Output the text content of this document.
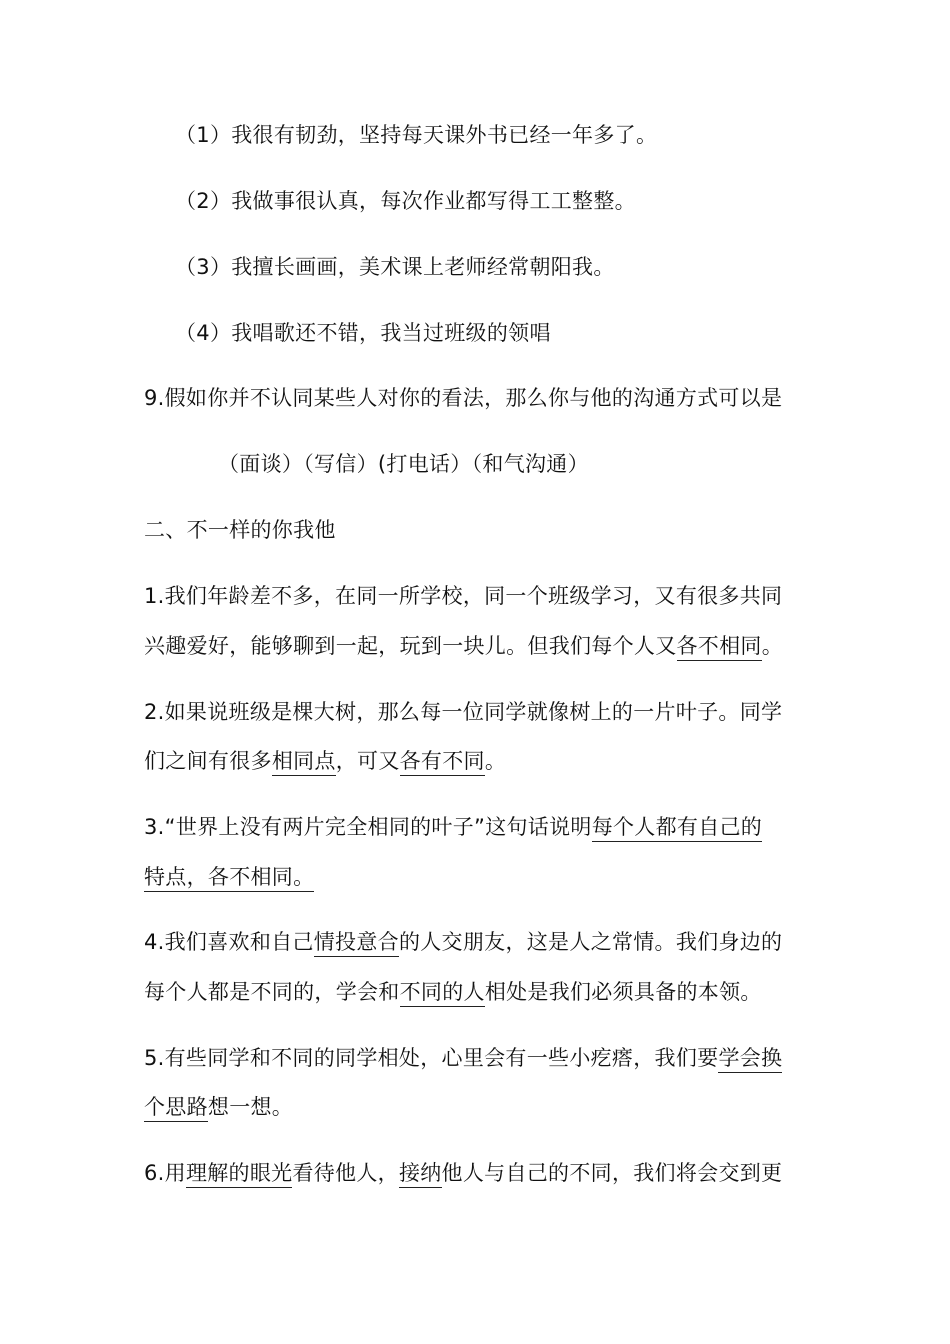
（1）我很有韧劲，坚持每天课外书已经一年多了。
（2）我做事很认真，每次作业都写得工工整整。
（3）我擅长画画，美术课上老师经常朝阳我。
（4）我唱歌还不错，我当过班级的领唱
9.假如你并不认同某些人对你的看法，那么你与他的沟通方式可以是
（面谈）（写信）(打电话）（和气沟通）
二、不一样的你我他
1.我们年龄差不多，在同一所学校，同一个班级学习，又有很多共同
兴趣爱好，能够聊到一起，玩到一块儿。但我们每个人又各不相同。
2.如果说班级是棵大树，那么每一位同学就像树上的一片叶子。同学
们之间有很多相同点，可又各有不同。
3.“世界上没有两片完全相同的叶子”这句话说明每个人都有自己的
特点，各不相同。
4.我们喜欢和自己情投意合的人交朋友，这是人之常情。我们身边的
每个人都是不同的，学会和不同的人相处是我们必须具备的本领。
5.有些同学和不同的同学相处，心里会有一些小疙瘩，我们要学会换
个思路想一想。
6.用理解的眼光看待他人，接纳他人与自己的不同，我们将会交到更
